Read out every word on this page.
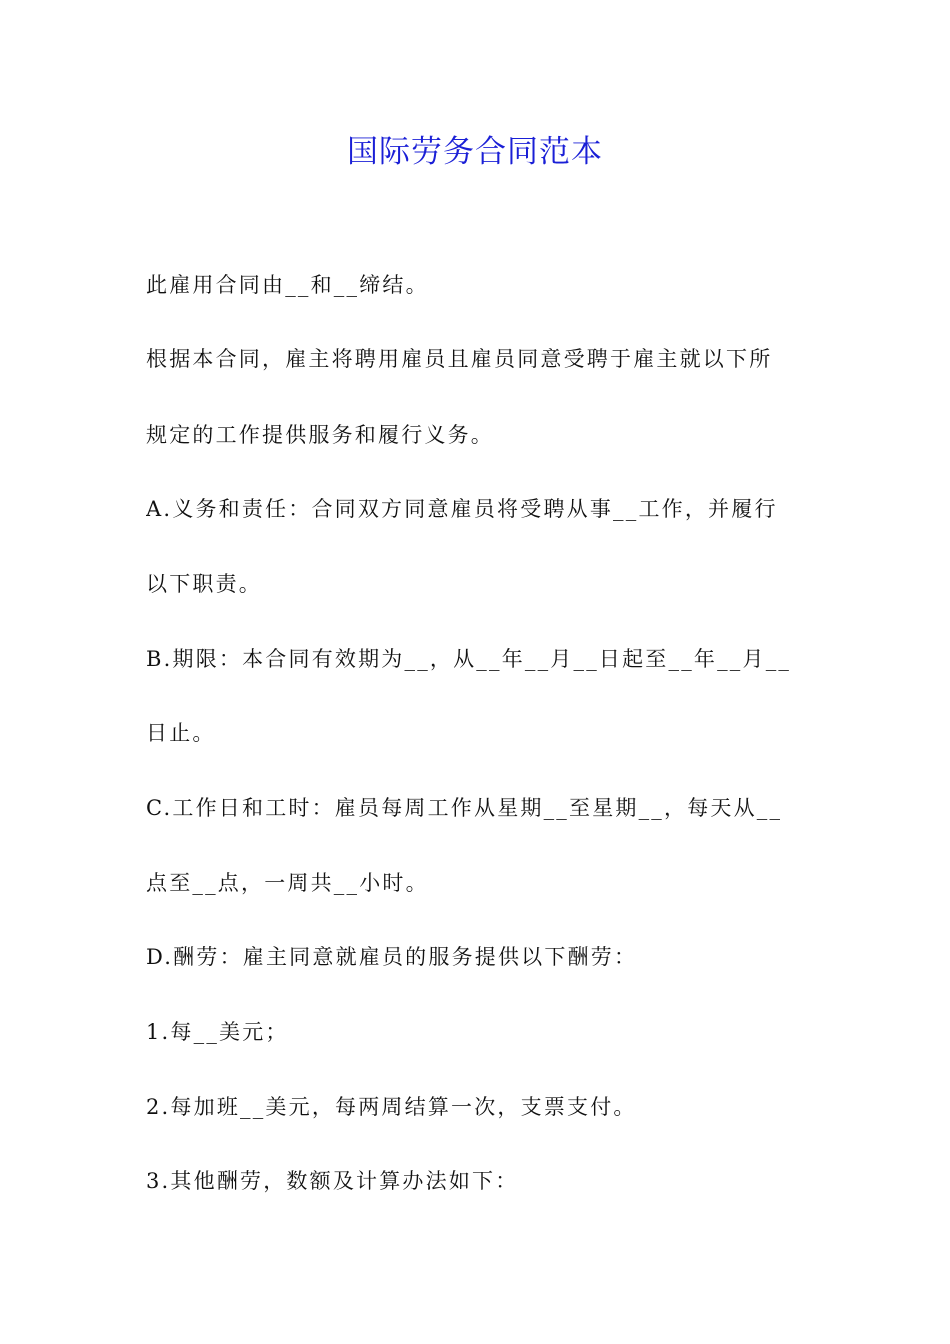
国际劳务合同范本
此雇用合同由__和__缔结。
根据本合同，雇主将聘用雇员且雇员同意受聘于雇主就以下所
规定的工作提供服务和履行义务。
A.义务和责任：合同双方同意雇员将受聘从事__工作，并履行
以下职责。
B.期限：本合同有效期为__，从__年__月__日起至__年__月__
日止。
C.工作日和工时：雇员每周工作从星期__至星期__，每天从__
点至__点，一周共__小时。
D.酬劳：雇主同意就雇员的服务提供以下酬劳：
1.每__美元；
2.每加班__美元，每两周结算一次，支票支付。
3.其他酬劳，数额及计算办法如下：
